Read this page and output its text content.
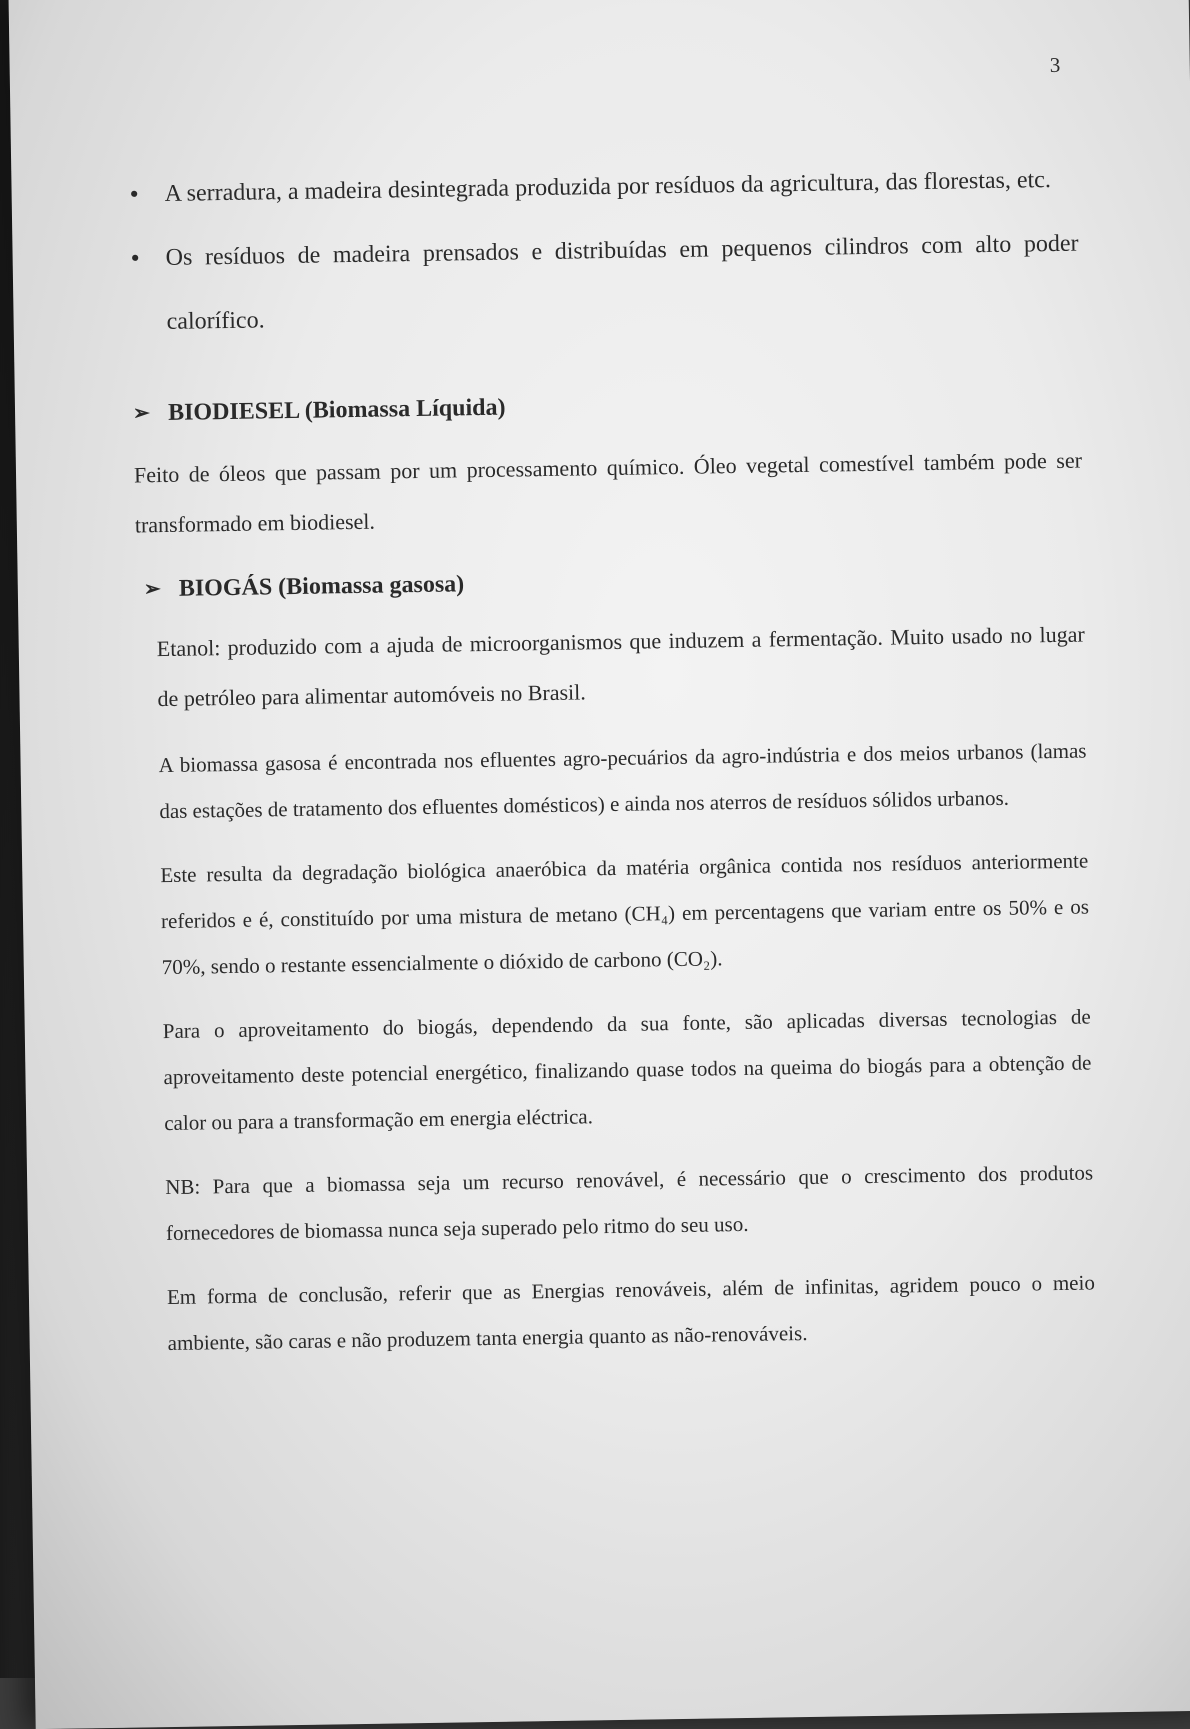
3
• A serradura, a madeira desintegrada produzida por resíduos da agricultura, das florestas, etc.
• Os resíduos de madeira prensados e distribuídas em pequenos cilindros com alto poder calorífico.
➢ BIODIESEL (Biomassa Líquida)
Feito de óleos que passam por um processamento químico. Óleo vegetal comestível também pode ser transformado em biodiesel.
➢ BIOGÁS (Biomassa gasosa)
Etanol: produzido com a ajuda de microorganismos que induzem a fermentação. Muito usado no lugar de petróleo para alimentar automóveis no Brasil.
A biomassa gasosa é encontrada nos efluentes agro-pecuários da agro-indústria e dos meios urbanos (lamas das estações de tratamento dos efluentes domésticos) e ainda nos aterros de resíduos sólidos urbanos.
Este resulta da degradação biológica anaeróbica da matéria orgânica contida nos resíduos anteriormente referidos e é, constituído por uma mistura de metano (CH₄) em percentagens que variam entre os 50% e os 70%, sendo o restante essencialmente o dióxido de carbono (CO₂).
Para o aproveitamento do biogás, dependendo da sua fonte, são aplicadas diversas tecnologias de aproveitamento deste potencial energético, finalizando quase todos na queima do biogás para a obtenção de calor ou para a transformação em energia eléctrica.
NB: Para que a biomassa seja um recurso renovável, é necessário que o crescimento dos produtos fornecedores de biomassa nunca seja superado pelo ritmo do seu uso.
Em forma de conclusão, referir que as Energias renováveis, além de infinitas, agridem pouco o meio ambiente, são caras e não produzem tanta energia quanto as não-renováveis.
